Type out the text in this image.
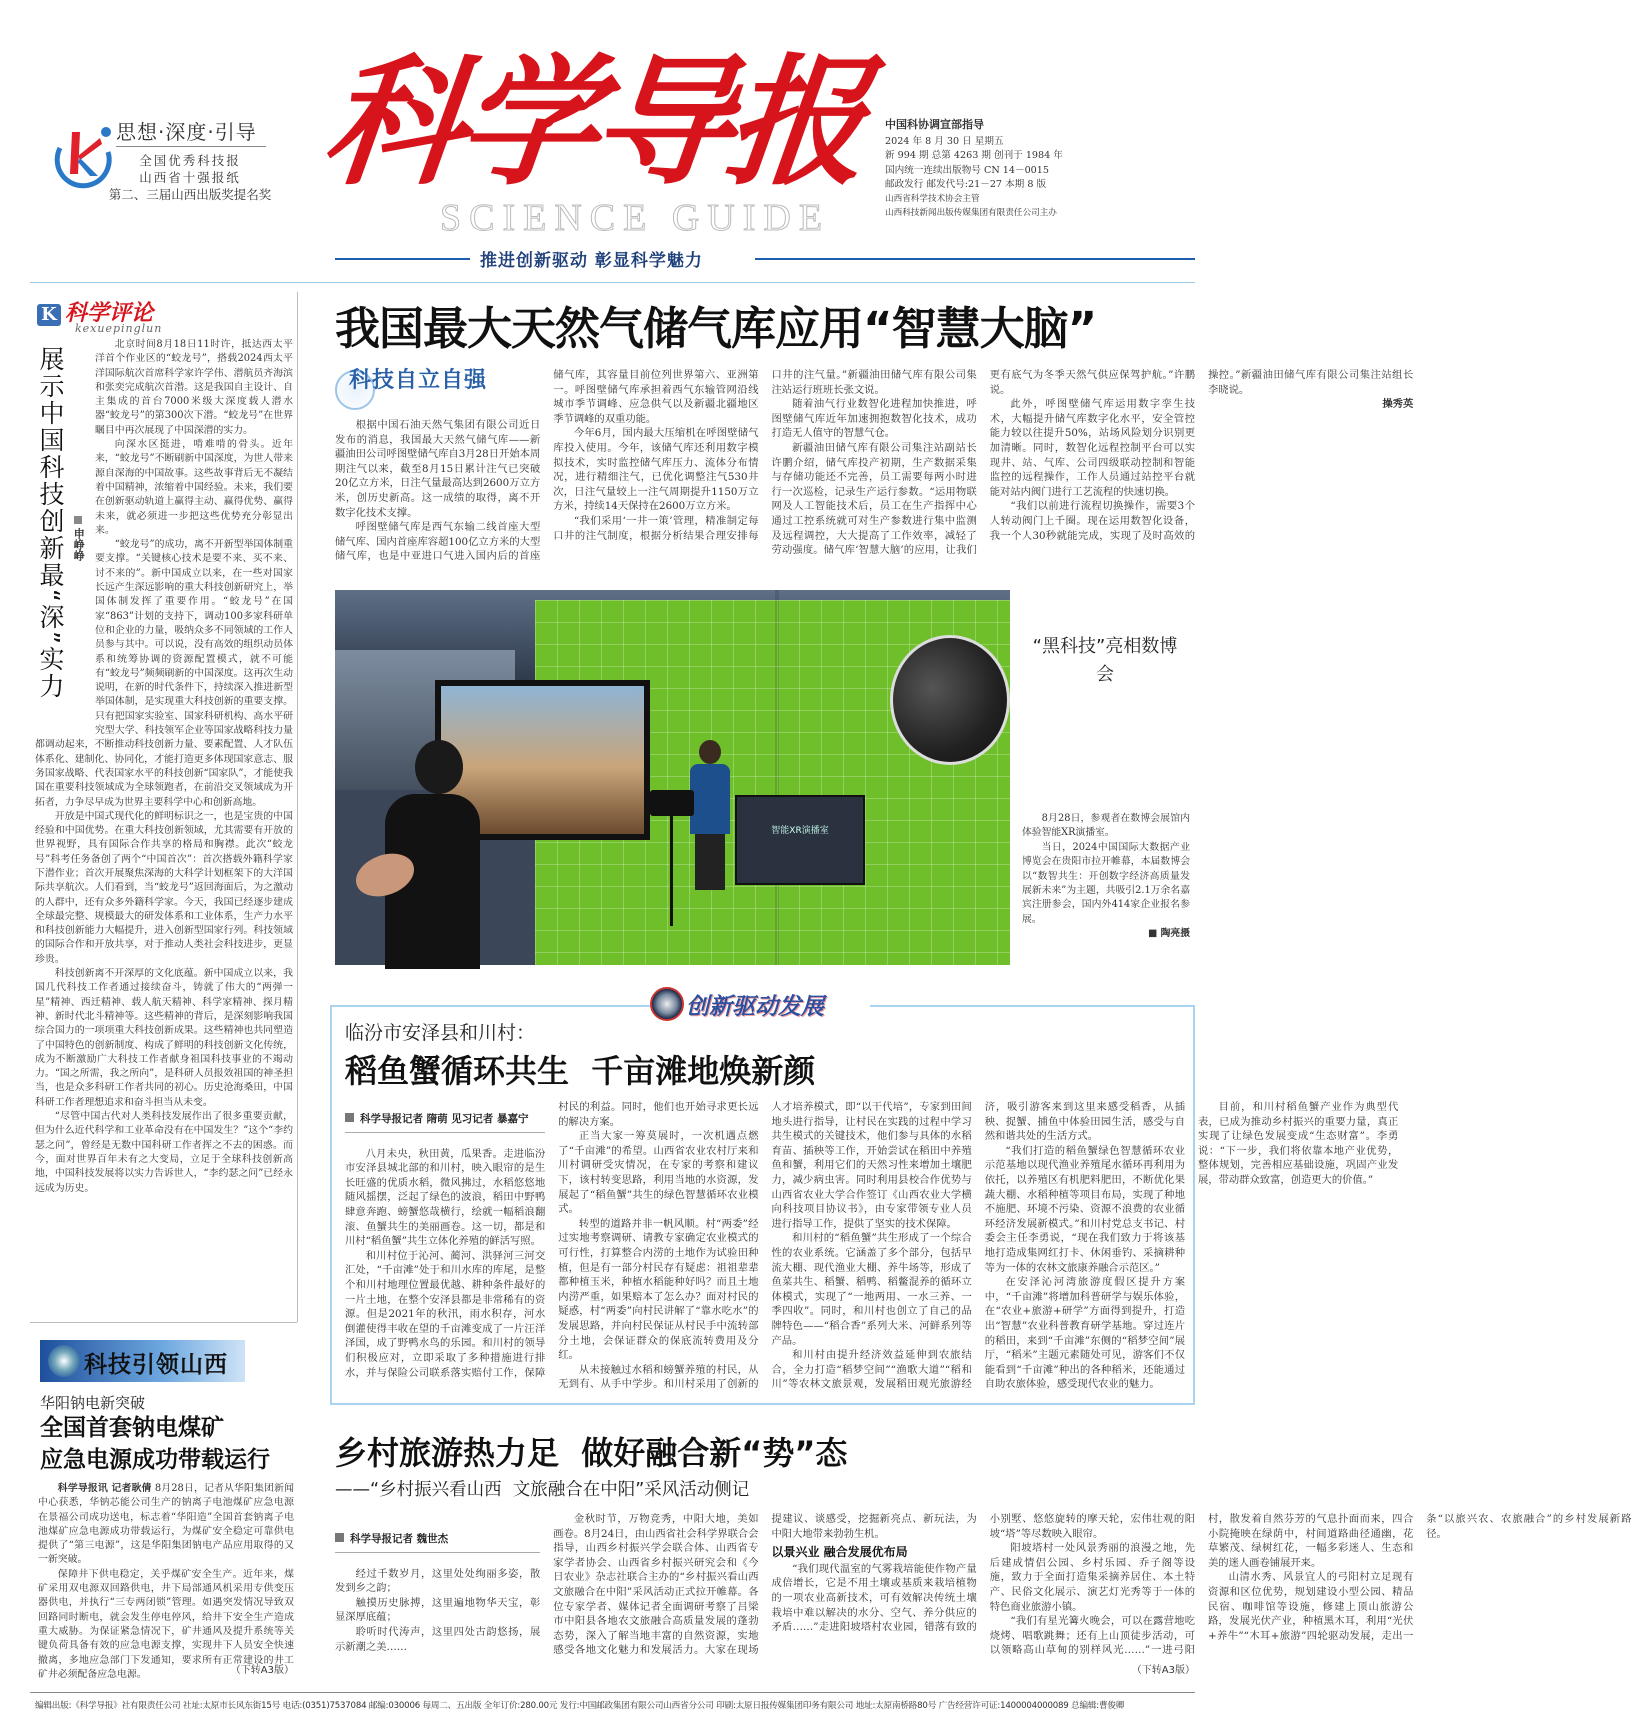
思想·深度·引导
全国优秀科技报
山西省十强报纸
第二、三届山西出版奖提名奖
SCIENCE GUIDE
科学导报 中国科协调宣部指导
2024 年 8 月 30 日 星期五
新 994 期 总第 4263 期 创刊于 1984 年
国内统一连续出版物号 CN 14－0015
邮政发行 邮发代号:21－27 本期 8 版
山西省科学技术协会主管
山西科技新闻出版传媒集团有限责任公司主办
推进创新驱动 彰显科学魅力
K 科学评论
kexuepinglun
展示中国科技创新最“深”实力 申峥峥

北京时间8月18日11时许，抵达西太平洋首个作业区的“蛟龙号”，搭载2024西太平洋国际航次首席科学家许学伟、潜航员齐海滨和张奕完成航次首潜。这是我国自主设计、自主集成的首台7000米级大深度载人潜水器“蛟龙号”的第300次下潜。“蛟龙号”在世界瞩目中再次展现了中国深潜的实力。

向深水区挺进，啃难啃的骨头。近年来，“蛟龙号”不断刷新中国深度，为世人带来源自深海的中国故事。这些故事背后无不凝结着中国精神，浓缩着中国经验。未来，我们要在创新驱动轨道上赢得主动、赢得优势、赢得未来，就必须进一步把这些优势充分彰显出来。

“蛟龙号”的成功，离不开新型举国体制重要支撑。“关键核心技术是要不来、买不来、讨不来的”。新中国成立以来，在一些对国家长远产生深远影响的重大科技创新研究上，举国体制发挥了重要作用。“蛟龙号”在国家“863”计划的支持下，调动100多家科研单位和企业的力量，吸纳众多不同领域的工作人员参与其中。可以说，没有高效的组织动员体系和统筹协调的资源配置模式，就不可能有“蛟龙号”频频刷新的中国深度。这再次生动说明，在新的时代条件下，持续深入推进新型举国体制，是实现重大科技创新的重要支撑。只有把国家实验室、国家科研机构、高水平研究型大学、科技领军企业等国家战略科技力量都调动起来，不断推动科技创新力量、要素配置、人才队伍体系化、建制化、协同化，才能打造更多体现国家意志、服务国家战略、代表国家水平的科技创新“国家队”，才能使我国在重要科技领域成为全球领跑者，在前沿交叉领域成为开拓者，力争尽早成为世界主要科学中心和创新高地。

开放是中国式现代化的鲜明标识之一，也是宝贵的中国经验和中国优势。在重大科技创新领域，尤其需要有开放的世界视野，具有国际合作共享的格局和胸襟。此次“蛟龙号”科考任务备创了两个“中国首次”：首次搭载外籍科学家下潜作业；首次开展聚焦深海的大科学计划框架下的大洋国际共享航次。人们看到，当“蛟龙号”返回海面后，为之激动的人群中，还有众多外籍科学家。今天，我国已经逐步建成全球最完整、规模最大的研发体系和工业体系，生产力水平和科技创新能力大幅提升，进入创新型国家行列。科技领域的国际合作和开放共享，对于推动人类社会科技进步，更显珍贵。

科技创新离不开深厚的文化底蕴。新中国成立以来，我国几代科技工作者通过接续奋斗，铸就了伟大的“两弹一星”精神、西迁精神、载人航天精神、科学家精神、探月精神、新时代北斗精神等。这些精神的背后，是深刻影响我国综合国力的一项项重大科技创新成果。这些精神也共同塑造了中国特色的创新制度、构成了鲜明的科技创新文化传统，成为不断激励广大科技工作者献身祖国科技事业的不竭动力。“国之所需，我之所向”，是科研人员报效祖国的神圣担当，也是众多科研工作者共同的初心。历史沧海桑田，中国科研工作者理想追求和奋斗担当从未变。

“尽管中国古代对人类科技发展作出了很多重要贡献，但为什么近代科学和工业革命没有在中国发生？”这个“李约瑟之问”，曾经是无数中国科研工作者挥之不去的困惑。而今，面对世界百年未有之大变局，立足于全球科技创新高地，中国科技发展将以实力告诉世人，“李约瑟之问”已经永远成为历史。

我国最大天然气储气库应用“智慧大脑”
科技自立自强

根据中国石油天然气集团有限公司近日发布的消息，我国最大天然气储气库——新疆油田公司呼图壁储气库自3月28日开始本周期注气以来，截至8月15日累计注气已突破20亿立方米，日注气量最高达到2600万立方米，创历史新高。这一成绩的取得，离不开数字化技术支撑。

呼图壁储气库是西气东输二线首座大型储气库、国内首座库容超100亿立方米的大型储气库，也是中亚进口气进入国内后的首座储气库，其容量目前位列世界第六、亚洲第一。呼图壁储气库承担着西气东输管网沿线城市季节调峰、应急供气以及新疆北疆地区季节调峰的双重功能。

今年6月，国内最大压缩机在呼图壁储气库投入使用。今年，该储气库还利用数字模拟技术，实时监控储气库压力、流体分布情况，进行精细注气，已优化调整注气530井次，日注气量较上一注气周期提升1150万立方米，持续14天保持在2600万立方米。

“我们采用‘一井一策’管理，精准制定每口井的注气制度，根据分析结果合理安排每口井的注气量。”新疆油田储气库有限公司集注站运行班班长张文说。

随着油气行业数智化进程加快推进，呼图壁储气库近年加速拥抱数智化技术，成功打造无人值守的智慧气仓。

新疆油田储气库有限公司集注站副站长许鹏介绍，储气库投产初期，生产数据采集与存储功能还不完善，员工需要每两小时进行一次巡检，记录生产运行参数。“运用物联网及人工智能技术后，员工在生产指挥中心通过工控系统就可对生产参数进行集中监测及远程调控，大大提高了工作效率，减轻了劳动强度。储气库‘智慧大脑’的应用，让我们更有底气为冬季天然气供应保驾护航。”许鹏说。

此外，呼图壁储气库运用数字孪生技术，大幅提升储气库数字化水平，安全管控能力较以往提升50%，站场风险划分识别更加清晰。同时，数智化远程控制平台可以实现井、站、气库、公司四级联动控制和智能监控的远程操作，工作人员通过站控平台就能对站内阀门进行工艺流程的快速切换。

“我们以前进行流程切换操作，需要3个人转动阀门上千圈。现在运用数智化设备，我一个人30秒就能完成，实现了及时高效的操控。”新疆油田储气库有限公司集注站组长李晓说。

操秀英
智能XR演播室
“黑科技”亮相数博会

8月28日，参观者在数博会展馆内体验智能XR演播室。

当日，2024中国国际大数据产业博览会在贵阳市拉开帷幕，本届数博会以“数智共生：开创数字经济高质量发展新未来”为主题，共吸引2.1万余名嘉宾注册参会，国内外414家企业报名参展。

■ 陶亮摄
创新驱动发展
临汾市安泽县和川村：
稻鱼蟹循环共生  千亩滩地焕新颜
科学导报记者 隋萌 见习记者 暴嘉宁

八月未央，秋田黄，瓜果香。走进临汾市安泽县城北部的和川村，映入眼帘的是生长旺盛的优质水稻，微风拂过，水稻悠悠地随风摇摆，泛起了绿色的波浪，稻田中野鸭肆意奔跑、螃蟹悠哉横行，绘就一幅稻浪翻滚、鱼蟹共生的美丽画卷。这一切，都是和川村“稻鱼蟹”共生立体化养殖的鲜活写照。

和川村位于沁河、蔺河、洪驿河三河交汇处，“千亩滩”处于和川水库的库尾，是整个和川村地理位置最优越、耕种条件最好的一片土地，在整个安泽县都是非常稀有的资源。但是2021年的秋汛，雨水积存，河水倒灌使得丰收在望的千亩滩变成了一片汪洋泽国，成了野鸭水鸟的乐园。和川村的领导们积极应对，立即采取了多种措施进行排水，并与保险公司联系落实赔付工作，保障村民的利益。同时，他们也开始寻求更长远的解决方案。

正当大家一筹莫展时，一次机遇点燃了“千亩滩”的希望。山西省农业农村厅来和川村调研受灾情况，在专家的考察和建议下，该村转变思路，利用当地的水资源，发展起了“稻鱼蟹”共生的绿色智慧循环农业模式。

转型的道路并非一帆风顺。村“两委”经过实地考察调研、请教专家确定农业模式的可行性，打算整合内涝的土地作为试验田种植，但是有一部分村民存有疑虑：祖祖辈辈都种植玉米，种植水稻能种好吗？而且土地内涝严重，如果赔本了怎么办？面对村民的疑惑，村“两委”向村民讲解了“靠水吃水”的发展思路，并向村民保证从村民手中流转部分土地，会保证群众的保底流转费用及分红。

从未接触过水稻和螃蟹养殖的村民，从无到有、从手中学步。和川村采用了创新的人才培养模式，即“以干代培”，专家到田间地头进行指导，让村民在实践的过程中学习共生模式的关键技术，他们参与具体的水稻育苗、插秧等工作，开始尝试在稻田中养殖鱼和蟹，利用它们的天然习性来增加土壤肥力，减少病虫害。同时利用县校合作优势与山西省农业大学合作签订《山西农业大学横向科技项目协议书》，由专家带领专业人员进行指导工作，提供了坚实的技术保障。

和川村的“稻鱼蟹”共生形成了一个综合性的农业系统。它涵盖了多个部分，包括早流大棚、现代渔业大棚、养牛场等，形成了鱼菜共生、稻蟹、稻鸭、稻鳖混养的循环立体模式，实现了“一地两用、一水三养、一季四收”。同时，和川村也创立了自己的品牌特色——“稻合香”系列大米、河鲜系列等产品。

和川村由提升经济效益延伸到农旅结合，全力打造“稻梦空间”“渔歌大道”“稻和川”等农林文旅景观，发展稻田观光旅游经济，吸引游客来到这里来感受稻香，从插秧、捉蟹、捕鱼中体验田园生活，感受与自然和谐共处的生活方式。

“我们打造的稻鱼蟹绿色智慧循环农业示范基地以现代渔业养殖尾水循环再利用为依托，以养殖区有机肥料肥田，不断优化果蔬大棚、水稻种植等项目布局，实现了种地不施肥、环境不污染、资源不浪费的农业循环经济发展新模式。”和川村党总支书记、村委会主任李勇说，“现在我们致力于将该基地打造成集网红打卡、休闲垂钓、采摘耕种等为一体的农林文旅康养融合示范区。”

在安泽沁河湾旅游度假区提升方案中，“千亩滩”将增加科普研学与娱乐体验，在“农业+旅游+研学”方面得到提升，打造出“智慧”农业科普教育研学基地。穿过连片的稻田，来到“千亩滩”东侧的“稻梦空间”展厅，“稻米”主题元素随处可见，游客们不仅能看到“千亩滩”种出的各种稻米，还能通过自助农旅体验，感受现代农业的魅力。

目前，和川村稻鱼蟹产业作为典型代表，已成为推动乡村振兴的重要力量，真正实现了让绿色发展变成“生态财富”。李勇说：“下一步，我们将依靠本地产业优势，整体规划，完善相应基础设施，巩固产业发展，带动群众致富，创造更大的价值。”

科技引领山西
华阳钠电新突破
全国首套钠电煤矿
应急电源成功带载运行

科学导报讯 记者耿倩 8月28日，记者从华阳集团新闻中心获悉，华钠芯能公司生产的钠离子电池煤矿应急电源在景福公司成功送电，标志着“华阳造”全国首套钠离子电池煤矿应急电源成功带载运行，为煤矿安全稳定可靠供电提供了“第三电源”，这是华阳集团钠电产品应用取得的又一新突破。

保障井下供电稳定，关乎煤矿安全生产。近年来，煤矿采用双电源双回路供电，井下局部通风机采用专供变压器供电，并执行“三专两闭锁”管理。如遇突发情况导致双回路同时断电，就会发生停电停风，给井下安全生产造成重大威胁。为保证紧急情况下，矿井通风及提升系统等关键负荷具备有效的应急电源支撑，实现井下人员安全快速撤离，多地应急部门下发通知，要求所有正常建设的井工矿井必须配备应急电源。	（下转A3版）
乡村旅游热力足  做好融合新“势”态
——“乡村振兴看山西  文旅融合在中阳”采风活动侧记
科学导报记者 魏世杰

经过千数岁月，这里处处绚丽多姿，散发到乡之韵；

触摸历史脉搏，这里遍地物华天宝，彰显深厚底蕴；

聆听时代涛声，这里四处古韵悠扬，展示新潮之美……

金秋时节，万物竞秀，中阳大地，美如画卷。8月24日，由山西省社会科学界联合会指导，山西乡村振兴学会联合体、山西省专家学者协会、山西省乡村振兴研究会和《今日农业》杂志社联合主办的“乡村振兴看山西 文旅融合在中阳”采风活动正式拉开帷幕。各位专家学者、媒体记者全面调研考察了吕梁市中阳县各地农文旅融合高质量发展的蓬勃态势，深入了解当地丰富的自然资源，实地感受各地文化魅力和发展活力。大家在现场提建议、谈感受，挖掘新亮点、新玩法，为中阳大地带来勃勃生机。

以景兴业 融合发展优布局

“我们现代温室的气雾栽培能使作物产量成倍增长，它是不用土壤或基质来栽培植物的一项农业高新技术，可有效解决传统土壤栽培中难以解决的水分、空气、养分供应的矛盾……”走进阳坡塔村农业园，错落有致的小别墅、悠悠旋转的摩天轮，宏伟壮观的阳坡“塔”等尽数映入眼帘。

阳坡塔村一处风景秀丽的浪漫之地，先后建成情侣公园、乡村乐园、乔子阁等设施，致力于全面打造集采摘养居住、本土特产、民俗文化展示、演艺灯光秀等于一体的特色商业旅游小镇。

“我们有星光篝火晚会，可以在露营地吃烧烤、唱歌跳舞；还有上山顶徒步活动，可以领略高山草甸的别样风光……”一进弓阳村，散发着自然芬芳的气息扑面而来，四合小院掩映在绿荫中，村间道路曲径通幽，花草繁茂、绿树红花，一幅多彩迷人、生态和美的迷人画卷铺展开来。

山清水秀、风景宜人的弓阳村立足现有资源和区位优势，规划建设小型公园、精品民宿、咖啡馆等设施，修建上顶山旅游公路，发展光伏产业，种植黑木耳，利用“光伏+养牛”“木耳+旅游”四轮驱动发展，走出一条“以旅兴农、农旅融合”的乡村发展新路径。

（下转A3版）
编辑出版:《科学导报》社有限责任公司 社址:太原市长风东街15号 电话:(0351)7537084 邮编:030006 每周二、五出版 全年订价:280.00元 发行:中国邮政集团有限公司山西省分公司 印刷:太原日报传媒集团印务有限公司 地址:太原南桥路80号 广告经营许可证:1400004000089 总编辑:曹俊卿
